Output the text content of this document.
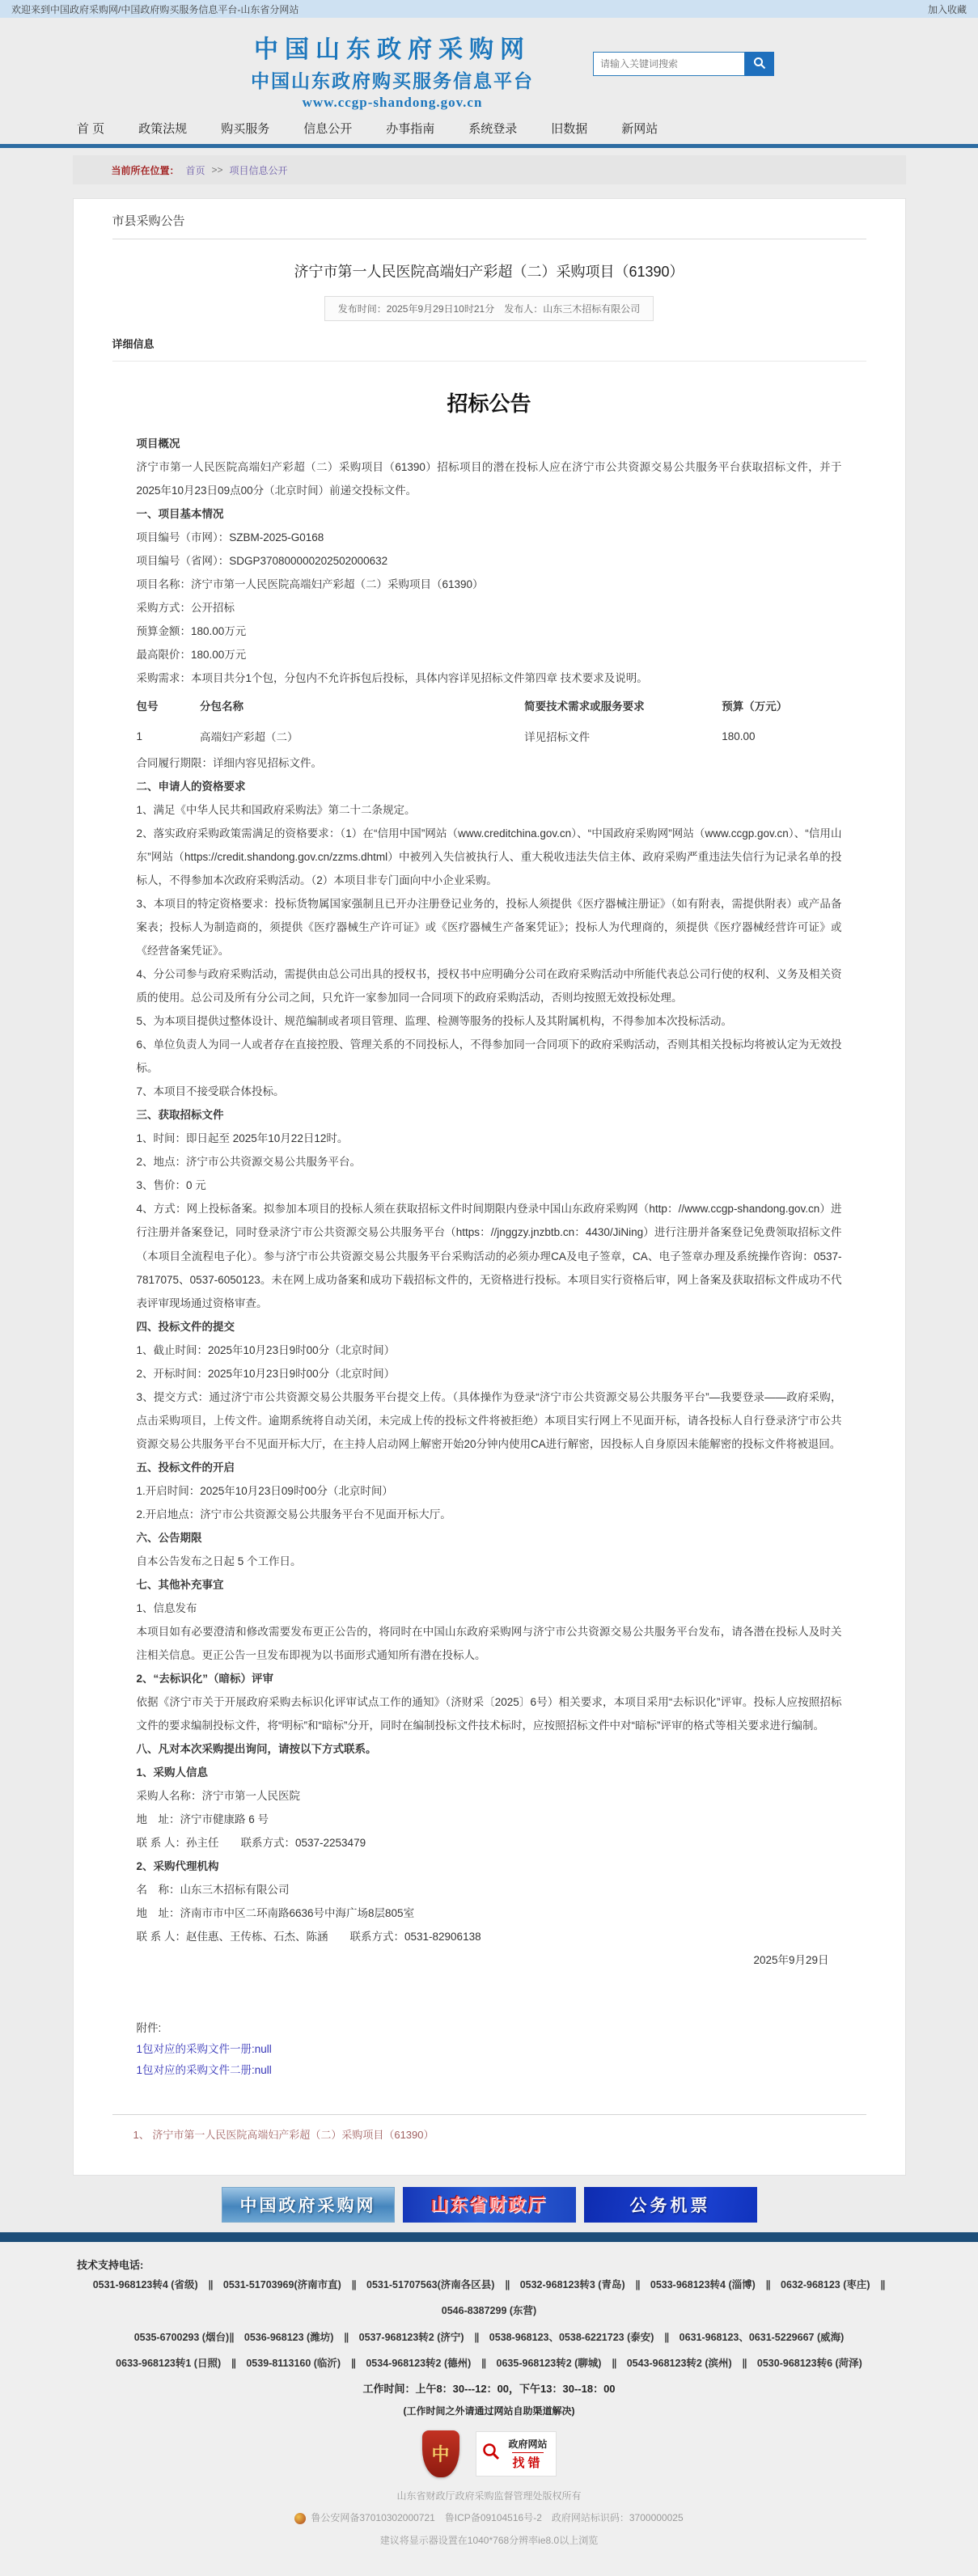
欢迎来到中国政府采购网/中国政府购买服务信息平台-山东省分网站	加入收藏
中国山东政府采购网
中国山东政府购买服务信息平台
www.ccgp-shandong.gov.cn
请输入关键词搜索
首 页	政策法规	购买服务	信息公开	办事指南	系统登录	旧数据	新网站
当前所在位置： 首页 >> 项目信息公开
市县采购公告
济宁市第一人民医院高端妇产彩超（二）采购项目（61390）
发布时间：2025年9月29日10时21分　发布人：山东三木招标有限公司
详细信息
招标公告

项目概况

济宁市第一人民医院高端妇产彩超（二）采购项目（61390）招标项目的潜在投标人应在济宁市公共资源交易公共服务平台获取招标文件，并于2025年10月23日09点00分（北京时间）前递交投标文件。

一、项目基本情况

项目编号（市网）：SZBM-2025-G0168

项目编号（省网）：SDGP370800000202502000632

项目名称：济宁市第一人民医院高端妇产彩超（二）采购项目（61390）

采购方式：公开招标

预算金额：180.00万元

最高限价：180.00万元

采购需求：本项目共分1个包，分包内不允许拆包后投标，具体内容详见招标文件第四章 技术要求及说明。

包号	分包名称	简要技术需求或服务要求	预算（万元）
1	高端妇产彩超（二）	详见招标文件	180.00

合同履行期限：详细内容见招标文件。

二、申请人的资格要求

1、满足《中华人民共和国政府采购法》第二十二条规定。

2、落实政府采购政策需满足的资格要求：（1）在“信用中国”网站（www.creditchina.gov.cn）、“中国政府采购网”网站（www.ccgp.gov.cn）、“信用山东”网站（https://credit.shandong.gov.cn/zzms.dhtml）中被列入失信被执行人、重大税收违法失信主体、政府采购严重违法失信行为记录名单的投标人，不得参加本次政府采购活动。（2）本项目非专门面向中小企业采购。

3、本项目的特定资格要求：投标货物属国家强制且已开办注册登记业务的，投标人须提供《医疗器械注册证》（如有附表，需提供附表）或产品备案表；投标人为制造商的，须提供《医疗器械生产许可证》或《医疗器械生产备案凭证》；投标人为代理商的，须提供《医疗器械经营许可证》或《经营备案凭证》。

4、分公司参与政府采购活动，需提供由总公司出具的授权书，授权书中应明确分公司在政府采购活动中所能代表总公司行使的权利、义务及相关资质的使用。总公司及所有分公司之间，只允许一家参加同一合同项下的政府采购活动，否则均按照无效投标处理。

5、为本项目提供过整体设计、规范编制或者项目管理、监理、检测等服务的投标人及其附属机构，不得参加本次投标活动。

6、单位负责人为同一人或者存在直接控股、管理关系的不同投标人，不得参加同一合同项下的政府采购活动，否则其相关投标均将被认定为无效投标。

7、本项目不接受联合体投标。

三、获取招标文件

1、时间：即日起至 2025年10月22日12时。

2、地点：济宁市公共资源交易公共服务平台。

3、售价：0 元

4、方式：网上投标备案。拟参加本项目的投标人须在获取招标文件时间期限内登录中国山东政府采购网（http：//www.ccgp-shandong.gov.cn）进行注册并备案登记，同时登录济宁市公共资源交易公共服务平台（https：//jnggzy.jnzbtb.cn：4430/JiNing）进行注册并备案登记免费领取招标文件（本项目全流程电子化）。参与济宁市公共资源交易公共服务平台采购活动的必须办理CA及电子签章，CA、电子签章办理及系统操作咨询：0537-7817075、0537-6050123。未在网上成功备案和成功下载招标文件的，无资格进行投标。本项目实行资格后审，网上备案及获取招标文件成功不代表评审现场通过资格审查。

四、投标文件的提交

1、截止时间：2025年10月23日9时00分（北京时间）

2、开标时间：2025年10月23日9时00分（北京时间）

3、提交方式：通过济宁市公共资源交易公共服务平台提交上传。（具体操作为登录“济宁市公共资源交易公共服务平台”—我要登录——政府采购，点击采购项目，上传文件。逾期系统将自动关闭，未完成上传的投标文件将被拒绝）本项目实行网上不见面开标，请各投标人自行登录济宁市公共资源交易公共服务平台不见面开标大厅，在主持人启动网上解密开始20分钟内使用CA进行解密，因投标人自身原因未能解密的投标文件将被退回。

五、投标文件的开启

1.开启时间：2025年10月23日09时00分（北京时间）

2.开启地点：济宁市公共资源交易公共服务平台不见面开标大厅。

六、公告期限

自本公告发布之日起 5 个工作日。

七、其他补充事宜

1、信息发布

本项目如有必要澄清和修改需要发布更正公告的，将同时在中国山东政府采购网与济宁市公共资源交易公共服务平台发布，请各潜在投标人及时关注相关信息。更正公告一旦发布即视为以书面形式通知所有潜在投标人。

2、“去标识化”（暗标）评审

依据《济宁市关于开展政府采购去标识化评审试点工作的通知》（济财采〔2025〕6号）相关要求，本项目采用“去标识化”评审。投标人应按照招标文件的要求编制投标文件，将“明标”和“暗标”分开，同时在编制投标文件技术标时，应按照招标文件中对“暗标”评审的格式等相关要求进行编制。

八、凡对本次采购提出询问，请按以下方式联系。

1、采购人信息

采购人名称：济宁市第一人民医院

地　址：济宁市健康路 6 号

联 系 人：孙主任　　联系方式：0537-2253479

2、采购代理机构

名　称：山东三木招标有限公司

地　址：济南市市中区二环南路6636号中海广场8层805室

联 系 人：赵佳惠、王传栋、石杰、陈涵　　联系方式：0531-82906138

2025年9月29日

附件:
1包对应的采购文件一册:null
1包对应的采购文件二册:null
1、 济宁市第一人民医院高端妇产彩超（二）采购项目（61390）
中国政府采购网	山东省财政厅	公务机票
技术支持电话:
0531-968123转4 (省级)　∥　0531-51703969(济南市直)　∥　0531-51707563(济南各区县)　∥　0532-968123转3 (青岛)　∥　0533-968123转4 (淄博)　∥　0632-968123 (枣庄)　∥
0546-8387299 (东营)
0535-6700293 (烟台)∥　0536-968123 (潍坊)　∥　0537-968123转2 (济宁)　∥　0538-968123、0538-6221723 (泰安)　∥　0631-968123、0631-5229667 (威海)
0633-968123转1 (日照)　∥　0539-8113160 (临沂)　∥　0534-968123转2 (德州)　∥　0635-968123转2 (聊城)　∥　0543-968123转2 (滨州)　∥　0530-968123转6 (菏泽)
工作时间：上午8：30---12：00，下午13：30--18：00
(工作时间之外请通过网站自助渠道解决)
中
政府网站
找错
山东省财政厅政府采购监督管理处版权所有
鲁公安网备37010302000721　鲁ICP备09104516号-2　政府网站标识码：3700000025
建议将显示器设置在1040*768分辨率ie8.0以上浏览
